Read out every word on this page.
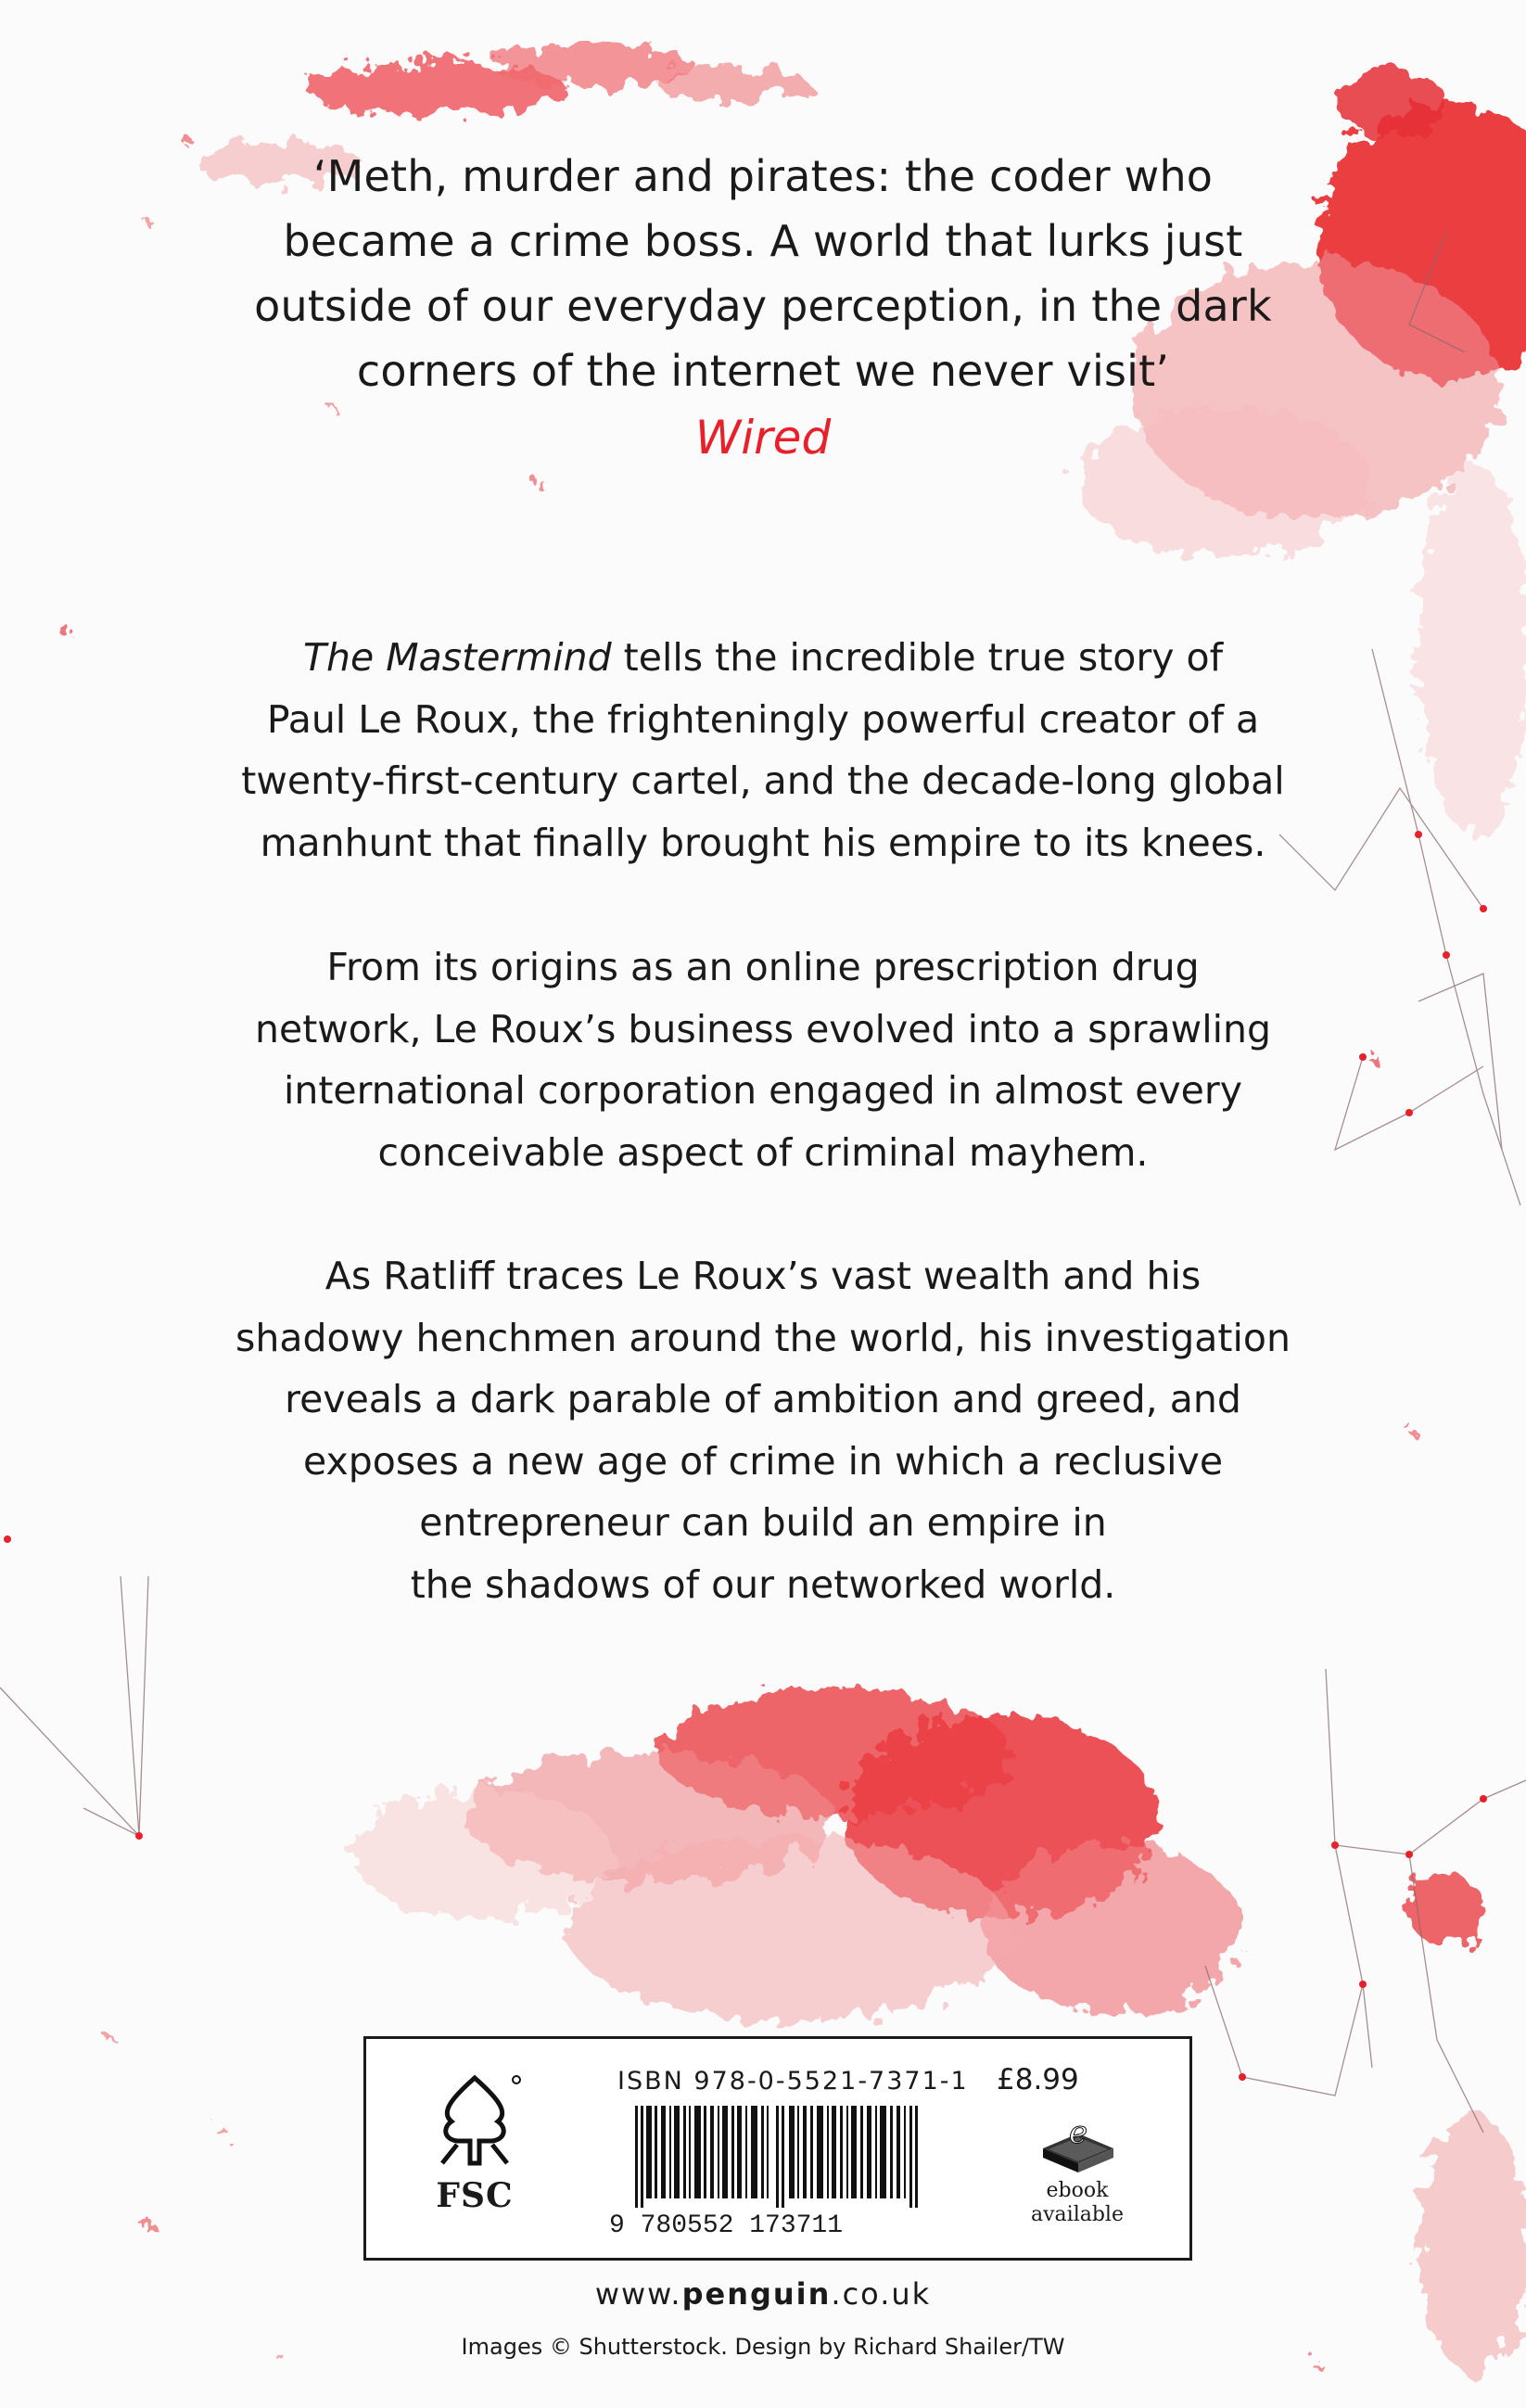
‘Meth, murder and pirates: the coder who
became a crime boss. A world that lurks just
outside of our everyday perception, in the dark
corners of the internet we never visit’
Wired
The Mastermind tells the incredible true story of
Paul Le Roux, the frighteningly powerful creator of a
twenty-first-century cartel, and the decade-long global
manhunt that finally brought his empire to its knees.
From its origins as an online prescription drug
network, Le Roux’s business evolved into a sprawling
international corporation engaged in almost every
conceivable aspect of criminal mayhem.
As Ratliff traces Le Roux’s vast wealth and his
shadowy henchmen around the world, his investigation
reveals a dark parable of ambition and greed, and
exposes a new age of crime in which a reclusive
entrepreneur can build an empire in
the shadows of our networked world.
FSC
ISBN 978-0-5521-7371-1
9 780552 173711
£8.99
e
ebook
available
www.penguin.co.uk
Images © Shutterstock. Design by Richard Shailer/TW
